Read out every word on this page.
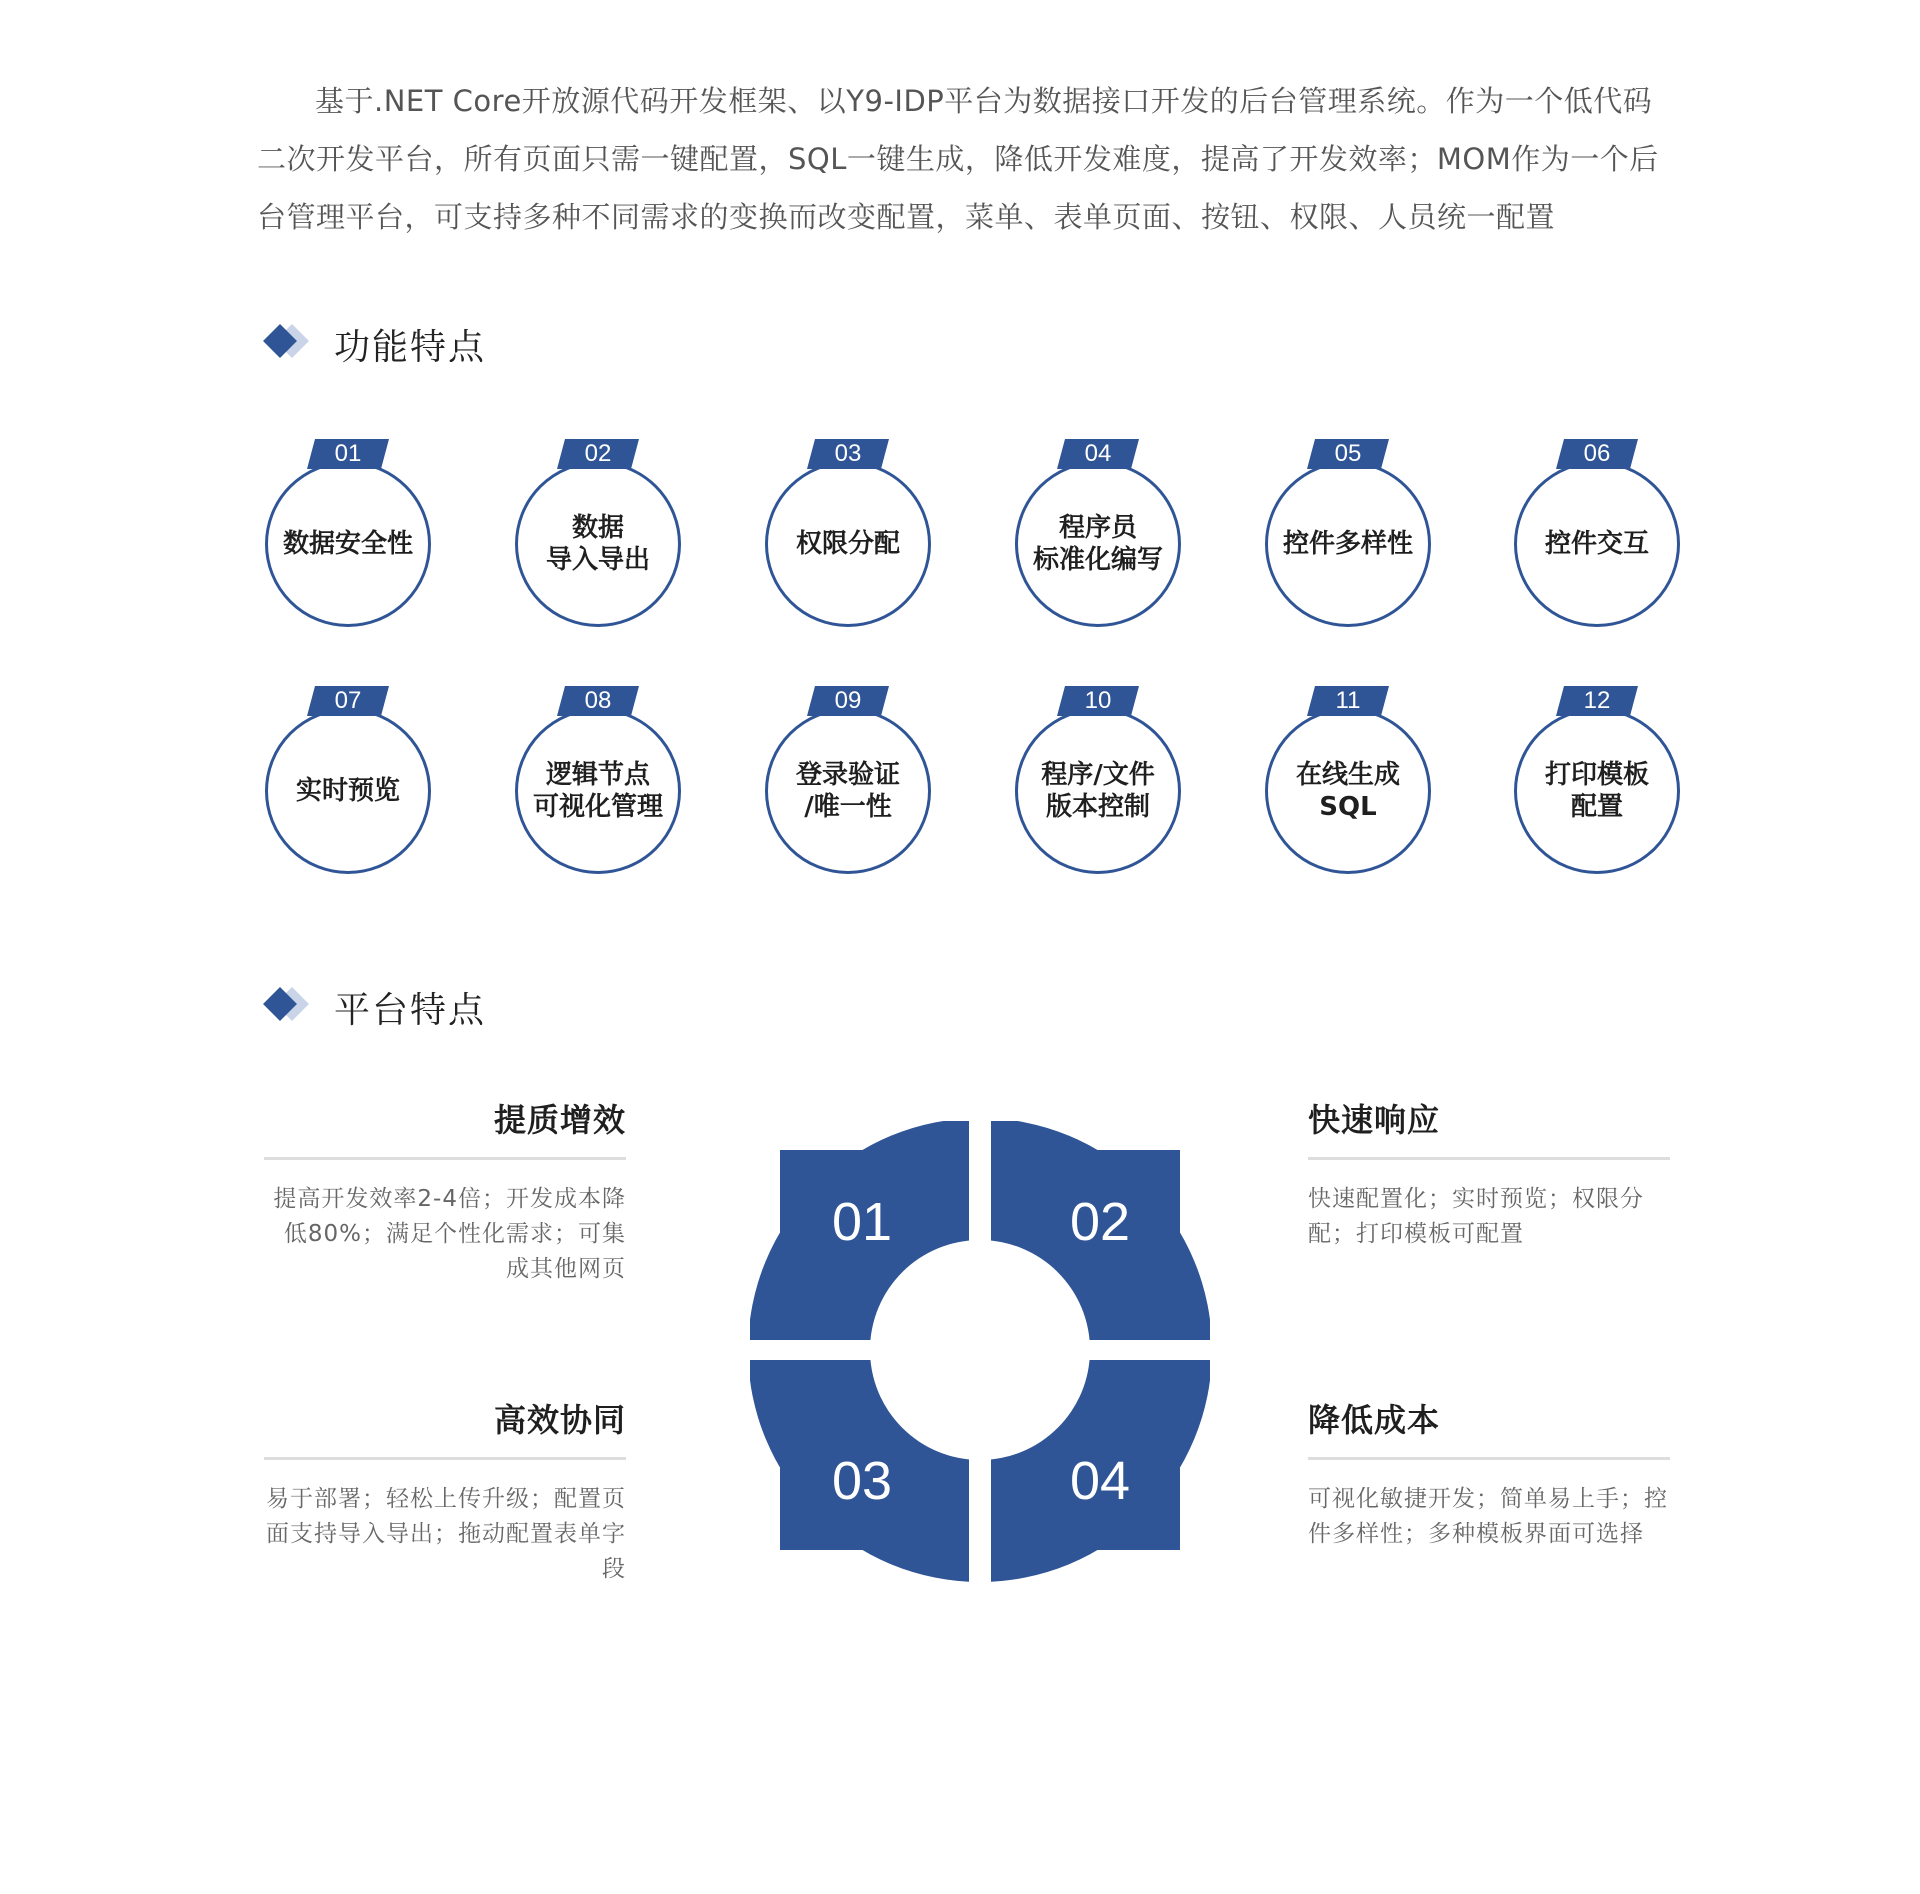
基于.NET Core开放源代码开发框架、以Y9-IDP平台为数据接口开发的后台管理系统。作为一个低代码二次开发平台，所有页面只需一键配置，SQL一键生成，降低开发难度，提高了开发效率；MOM作为一个后台管理平台，可支持多种不同需求的变换而改变配置，菜单、表单页面、按钮、权限、人员统一配置

功能特点
数据安全性
01
数据
导入导出
02
权限分配
03
程序员
标准化编写
04
控件多样性
05
控件交互
06
实时预览
07
逻辑节点
可视化管理
08
登录验证
/唯一性
09
程序/文件
版本控制
10
在线生成
SQL
11
打印模板
配置
12
平台特点
提质增效
提高开发效率2-4倍；开发成本降低80%；满足个性化需求；可集成其他网页
快速响应
快速配置化；实时预览；权限分配；打印模板可配置
高效协同
易于部署；轻松上传升级；配置页面支持导入导出；拖动配置表单字段
降低成本
可视化敏捷开发；简单易上手；控件多样性；多种模板界面可选择
01	02
03	04
